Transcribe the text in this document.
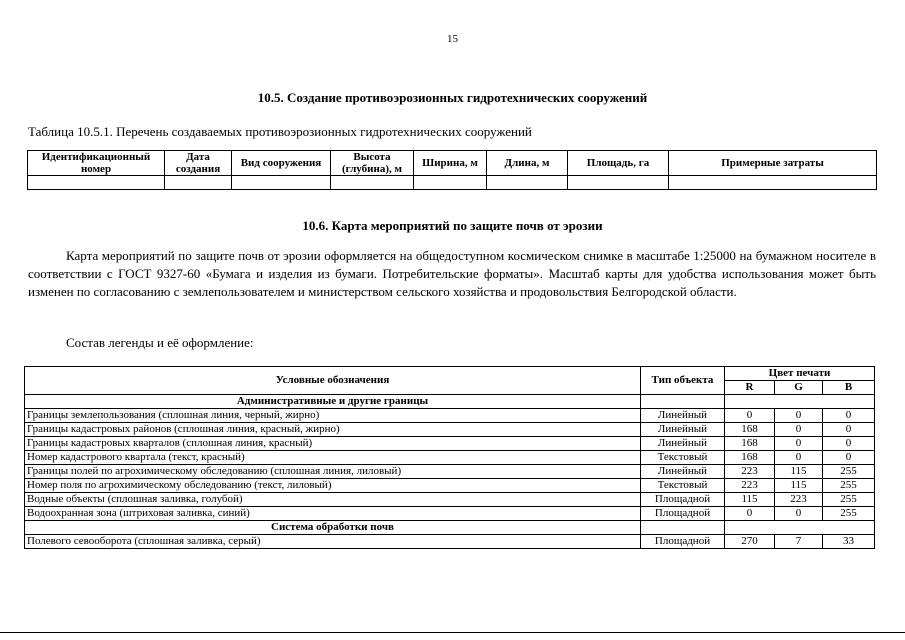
15
10.5. Создание противоэрозионных гидротехнических сооружений
Таблица 10.5.1. Перечень создаваемых противоэрозионных гидротехнических сооружений
Идентификационный номер	Дата создания	Вид сооружения	Высота (глубина), м	Ширина, м	Длина, м	Площадь, га	Примерные затраты

10.6. Карта мероприятий по защите почв от эрозии
Карта мероприятий по защите почв от эрозии оформляется на общедоступном космическом снимке в масштабе 1:25000 на бумажном носителе в соответствии с ГОСТ 9327-60 «Бумага и изделия из бумаги. Потребительские форматы». Масштаб карты для удобства использования может быть изменен по согласованию с землепользователем и министерством сельского хозяйства и продовольствия Белгородской области.
Состав легенды и её оформление:
Условные обозначения	Тип объекта	Цвет печати		
		R	G	B
Административные и другие границы				
Границы землепользования (сплошная линия, черный, жирно)	Линейный	0	0	0
Границы кадастровых районов (сплошная линия, красный, жирно)	Линейный	168	0	0
Границы кадастровых кварталов (сплошная линия, красный)	Линейный	168	0	0
Номер кадастрового квартала (текст, красный)	Текстовый	168	0	0
Границы полей по агрохимическому обследованию (сплошная линия, лиловый)	Линейный	223	115	255
Номер поля по агрохимическому обследованию (текст, лиловый)	Текстовый	223	115	255
Водные объекты (сплошная заливка, голубой)	Площадной	115	223	255
Водоохранная зона (штриховая заливка, синий)	Площадной	0	0	255
Система обработки почв				
Полевого севооборота (сплошная заливка, серый)	Площадной	270	7	33
